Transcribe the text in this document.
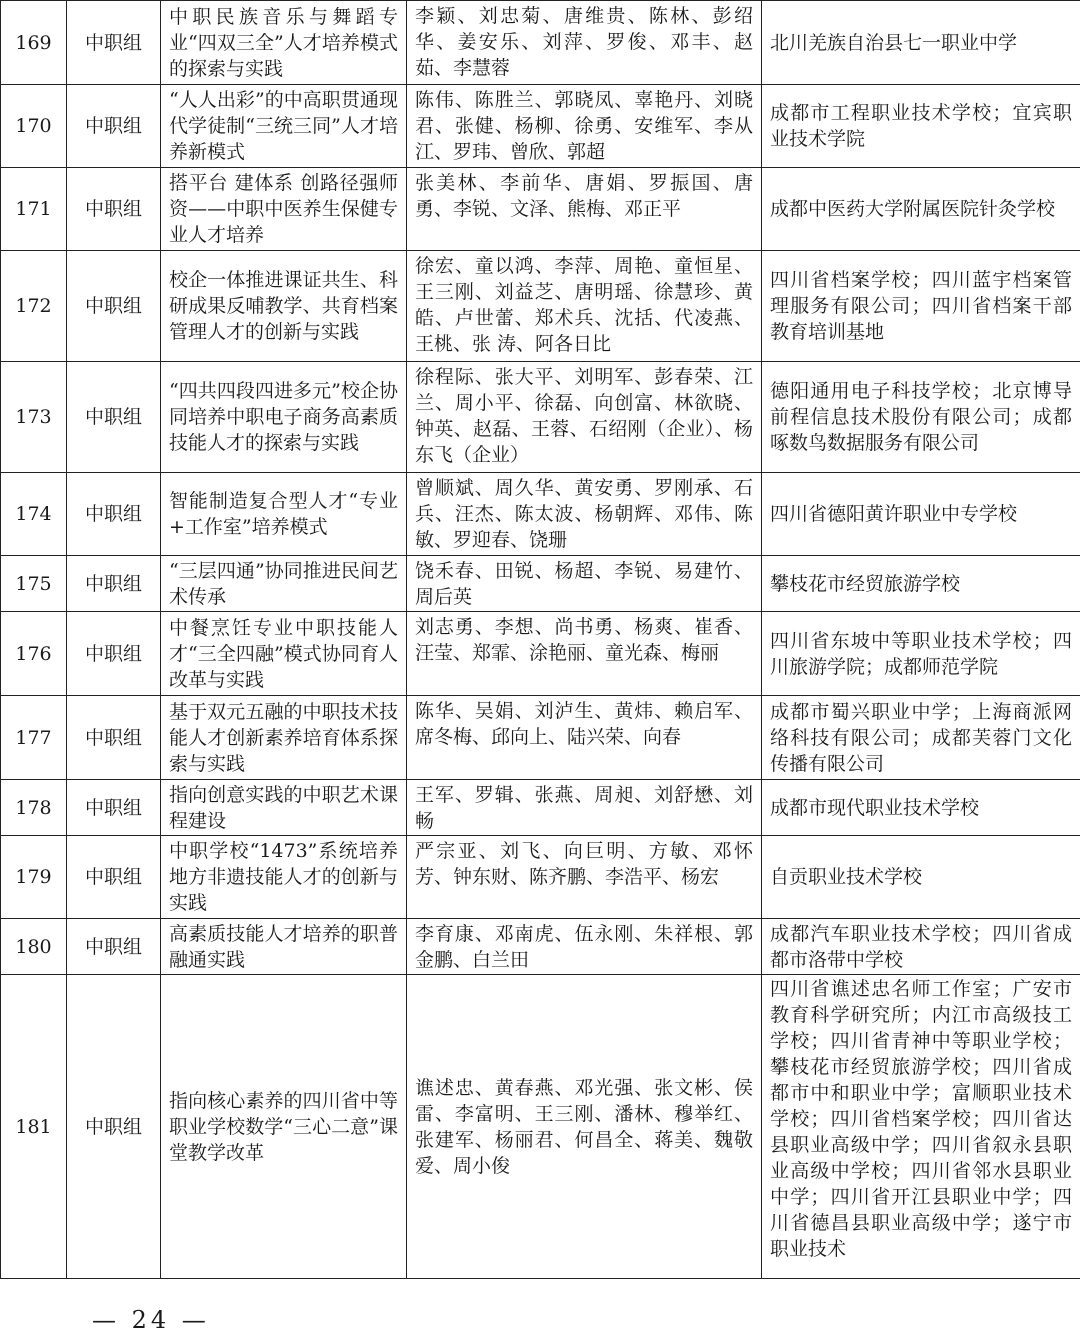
169	中职组	中职民族音乐与舞蹈专业“四双三全”人才培养模式的探索与实践	李颖、刘忠菊、唐维贵、陈林、彭绍华、姜安乐、刘萍、罗俊、邓丰、赵茹、李慧蓉	北川羌族自治县七一职业中学
170	中职组	“人人出彩”的中高职贯通现代学徒制“三统三同”人才培养新模式	陈伟、陈胜兰、郭晓凤、辜艳丹、刘晓君、张健、杨柳、徐勇、安维军、李从江、罗玮、曾欣、郭超	成都市工程职业技术学校；宜宾职业技术学院
171	中职组	搭平台 建体系 创路径强师资——中职中医养生保健专业人才培养	张美林、李前华、唐娟、罗振国、唐勇、李锐、文泽、熊梅、邓正平	成都中医药大学附属医院针灸学校
172	中职组	校企一体推进课证共生、科研成果反哺教学、共育档案管理人才的创新与实践	徐宏、童以鸿、李萍、周艳、童恒星、王三刚、刘益芝、唐明瑶、徐慧珍、黄皓、卢世蕾、郑术兵、沈括、代凌燕、王桃、张 涛、阿各日比	四川省档案学校；四川蓝宇档案管理服务有限公司；四川省档案干部教育培训基地
173	中职组	“四共四段四进多元”校企协同培养中职电子商务高素质技能人才的探索与实践	徐程际、张大平、刘明军、彭春荣、江兰、周小平、徐磊、向创富、林欲晓、钟英、赵磊、王蓉、石绍刚（企业）、杨东飞（企业）	德阳通用电子科技学校；北京博导前程信息技术股份有限公司；成都啄数鸟数据服务有限公司
174	中职组	智能制造复合型人才“专业+工作室”培养模式	曾顺斌、周久华、黄安勇、罗刚承、石兵、汪杰、陈太波、杨朝辉、邓伟、陈敏、罗迎春、饶珊	四川省德阳黄许职业中专学校
175	中职组	“三层四通”协同推进民间艺术传承	饶禾春、田锐、杨超、李锐、易建竹、周后英	攀枝花市经贸旅游学校
176	中职组	中餐烹饪专业中职技能人才“三全四融”模式协同育人改革与实践	刘志勇、李想、尚书勇、杨爽、崔香、汪莹、郑霏、涂艳丽、童光森、梅丽	四川省东坡中等职业技术学校；四川旅游学院；成都师范学院
177	中职组	基于双元五融的中职技术技能人才创新素养培育体系探索与实践	陈华、吴娟、刘泸生、黄炜、赖启军、席冬梅、邱向上、陆兴荣、向春	成都市蜀兴职业中学；上海商派网络科技有限公司；成都芙蓉门文化传播有限公司
178	中职组	指向创意实践的中职艺术课程建设	王军、罗辑、张燕、周昶、刘舒懋、刘畅	成都市现代职业技术学校
179	中职组	中职学校“1473”系统培养地方非遗技能人才的创新与实践	严宗亚、刘飞、向巨明、方敏、邓怀芳、钟东财、陈齐鹏、李浩平、杨宏	自贡职业技术学校
180	中职组	高素质技能人才培养的职普融通实践	李育康、邓南虎、伍永刚、朱祥根、郭金鹏、白兰田	成都汽车职业技术学校；四川省成都市洛带中学校
181	中职组	指向核心素养的四川省中等职业学校数学“三心二意”课堂教学改革	谯述忠、黄春燕、邓光强、张文彬、侯雷、李富明、王三刚、潘林、穆举红、张建军、杨丽君、何昌全、蒋美、魏敬爱、周小俊	四川省谯述忠名师工作室；广安市教育科学研究所；内江市高级技工学校；四川省青神中等职业学校；攀枝花市经贸旅游学校；四川省成都市中和职业中学；富顺职业技术学校；四川省档案学校；四川省达县职业高级中学；四川省叙永县职业高级中学校；四川省邻水县职业中学；四川省开江县职业中学；四川省德昌县职业高级中学；遂宁市职业技术
— 24 —
